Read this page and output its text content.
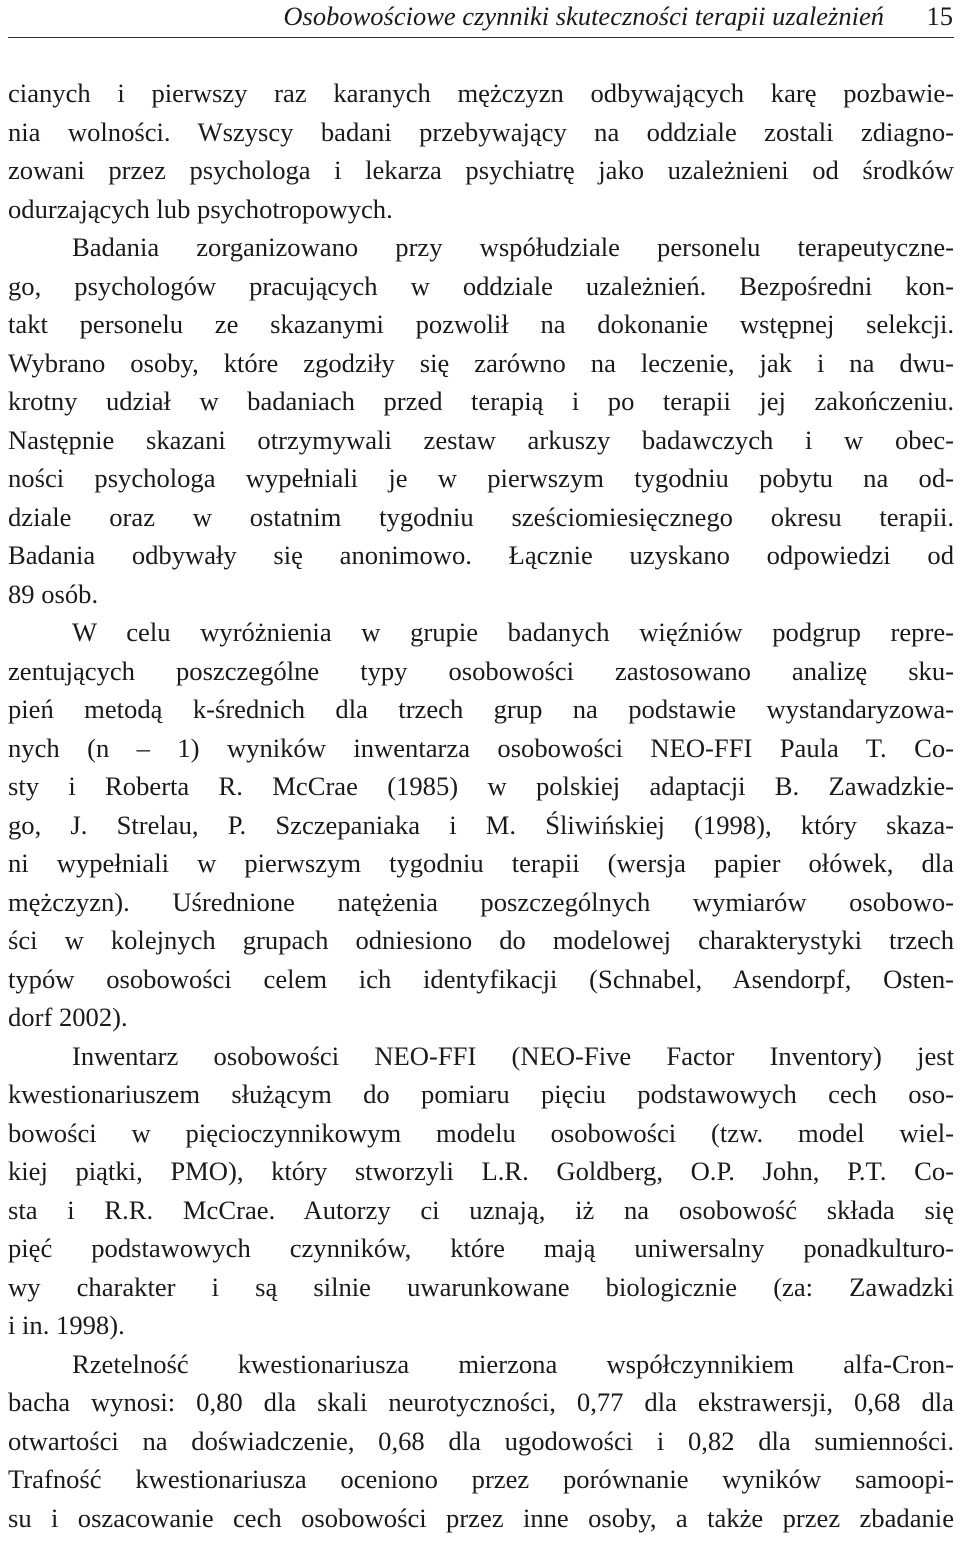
Osobowościowe czynniki skuteczności terapii uzależnień 15
cianych i pierwszy raz karanych mężczyzn odbywających karę pozbawie-
nia wolności. Wszyscy badani przebywający na oddziale zostali zdiagno-
zowani przez psychologa i lekarza psychiatrę jako uzależnieni od środków
odurzających lub psychotropowych.
Badania zorganizowano przy współudziale personelu terapeutyczne-
go, psychologów pracujących w oddziale uzależnień. Bezpośredni kon-
takt personelu ze skazanymi pozwolił na dokonanie wstępnej selekcji.
Wybrano osoby, które zgodziły się zarówno na leczenie, jak i na dwu-
krotny udział w badaniach przed terapią i po terapii jej zakończeniu.
Następnie skazani otrzymywali zestaw arkuszy badawczych i w obec-
ności psychologa wypełniali je w pierwszym tygodniu pobytu na od-
dziale oraz w ostatnim tygodniu sześciomiesięcznego okresu terapii.
Badania odbywały się anonimowo. Łącznie uzyskano odpowiedzi od
89 osób.
W celu wyróżnienia w grupie badanych więźniów podgrup repre-
zentujących poszczególne typy osobowości zastosowano analizę sku-
pień metodą k-średnich dla trzech grup na podstawie wystandaryzowa-
nych (n – 1) wyników inwentarza osobowości NEO-FFI Paula T. Co-
sty i Roberta R. McCrae (1985) w polskiej adaptacji B. Zawadzkie-
go, J. Strelau, P. Szczepaniaka i M. Śliwińskiej (1998), który skaza-
ni wypełniali w pierwszym tygodniu terapii (wersja papier ołówek, dla
mężczyzn). Uśrednione natężenia poszczególnych wymiarów osobowo-
ści w kolejnych grupach odniesiono do modelowej charakterystyki trzech
typów osobowości celem ich identyfikacji (Schnabel, Asendorpf, Osten-
dorf 2002).
Inwentarz osobowości NEO-FFI (NEO-Five Factor Inventory) jest
kwestionariuszem służącym do pomiaru pięciu podstawowych cech oso-
bowości w pięcioczynnikowym modelu osobowości (tzw. model wiel-
kiej piątki, PMO), który stworzyli L.R. Goldberg, O.P. John, P.T. Co-
sta i R.R. McCrae. Autorzy ci uznają, iż na osobowość składa się
pięć podstawowych czynników, które mają uniwersalny ponadkulturo-
wy charakter i są silnie uwarunkowane biologicznie (za: Zawadzki
i in. 1998).
Rzetelność kwestionariusza mierzona współczynnikiem alfa-Cron-
bacha wynosi: 0,80 dla skali neurotyczności, 0,77 dla ekstrawersji, 0,68 dla
otwartości na doświadczenie, 0,68 dla ugodowości i 0,82 dla sumienności.
Trafność kwestionariusza oceniono przez porównanie wyników samoopi-
su i oszacowanie cech osobowości przez inne osoby, a także przez zbadanie
